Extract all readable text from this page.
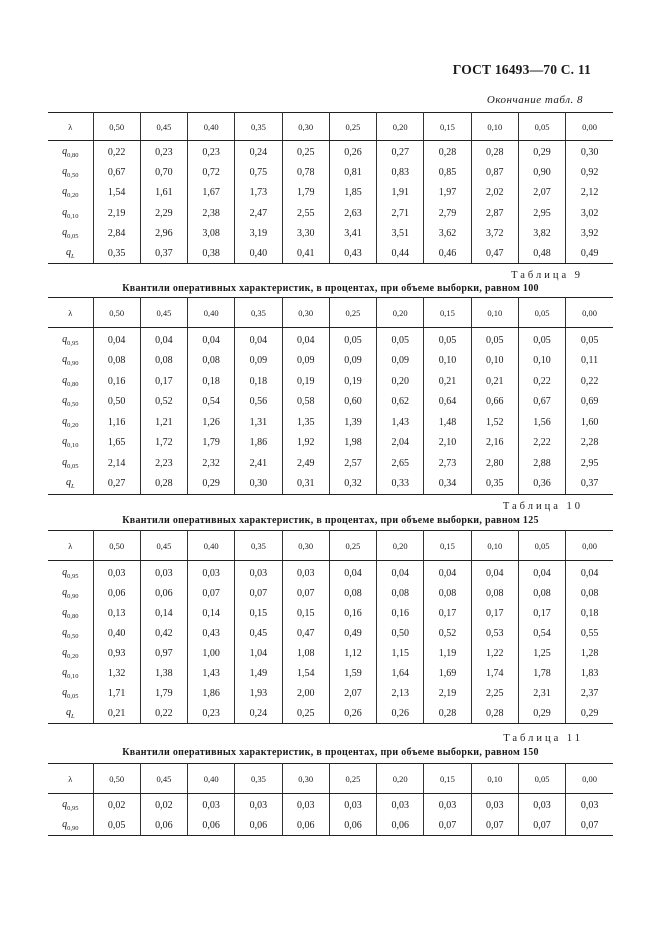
ГОСТ 16493—70 С. 11
Окончание табл. 8
λ	0,50	0,45	0,40	0,35	0,30	0,25	0,20	0,15	0,10	0,05	0,00
$q_{0,80}$	0,22	0,23	0,23	0,24	0,25	0,26	0,27	0,28	0,28	0,29	0,30
$q_{0,50}$	0,67	0,70	0,72	0,75	0,78	0,81	0,83	0,85	0,87	0,90	0,92
$q_{0,20}$	1,54	1,61	1,67	1,73	1,79	1,85	1,91	1,97	2,02	2,07	2,12
$q_{0,10}$	2,19	2,29	2,38	2,47	2,55	2,63	2,71	2,79	2,87	2,95	3,02
$q_{0,05}$	2,84	2,96	3,08	3,19	3,30	3,41	3,51	3,62	3,72	3,82	3,92
$q_L$	0,35	0,37	0,38	0,40	0,41	0,43	0,44	0,46	0,47	0,48	0,49
Таблица 9
Квантили оперативных характеристик, в процентах, при объеме выборки, равном 100
λ	0,50	0,45	0,40	0,35	0,30	0,25	0,20	0,15	0,10	0,05	0,00
$q_{0,95}$	0,04	0,04	0,04	0,04	0,04	0,05	0,05	0,05	0,05	0,05	0,05
$q_{0,90}$	0,08	0,08	0,08	0,09	0,09	0,09	0,09	0,10	0,10	0,10	0,11
$q_{0,80}$	0,16	0,17	0,18	0,18	0,19	0,19	0,20	0,21	0,21	0,22	0,22
$q_{0,50}$	0,50	0,52	0,54	0,56	0,58	0,60	0,62	0,64	0,66	0,67	0,69
$q_{0,20}$	1,16	1,21	1,26	1,31	1,35	1,39	1,43	1,48	1,52	1,56	1,60
$q_{0,10}$	1,65	1,72	1,79	1,86	1,92	1,98	2,04	2,10	2,16	2,22	2,28
$q_{0,05}$	2,14	2,23	2,32	2,41	2,49	2,57	2,65	2,73	2,80	2,88	2,95
$q_L$	0,27	0,28	0,29	0,30	0,31	0,32	0,33	0,34	0,35	0,36	0,37
Таблица 10
Квантили оперативных характеристик, в процентах, при объеме выборки, равном 125
λ	0,50	0,45	0,40	0,35	0,30	0,25	0,20	0,15	0,10	0,05	0,00
$q_{0,95}$	0,03	0,03	0,03	0,03	0,03	0,04	0,04	0,04	0,04	0,04	0,04
$q_{0,90}$	0,06	0,06	0,07	0,07	0,07	0,08	0,08	0,08	0,08	0,08	0,08
$q_{0,80}$	0,13	0,14	0,14	0,15	0,15	0,16	0,16	0,17	0,17	0,17	0,18
$q_{0,50}$	0,40	0,42	0,43	0,45	0,47	0,49	0,50	0,52	0,53	0,54	0,55
$q_{0,20}$	0,93	0,97	1,00	1,04	1,08	1,12	1,15	1,19	1,22	1,25	1,28
$q_{0,10}$	1,32	1,38	1,43	1,49	1,54	1,59	1,64	1,69	1,74	1,78	1,83
$q_{0,05}$	1,71	1,79	1,86	1,93	2,00	2,07	2,13	2,19	2,25	2,31	2,37
$q_L$	0,21	0,22	0,23	0,24	0,25	0,26	0,26	0,28	0,28	0,29	0,29
Таблица 11
Квантили оперативных характеристик, в процентах, при объеме выборки, равном 150
λ	0,50	0,45	0,40	0,35	0,30	0,25	0,20	0,15	0,10	0,05	0,00
$q_{0,95}$	0,02	0,02	0,03	0,03	0,03	0,03	0,03	0,03	0,03	0,03	0,03
$q_{0,90}$	0,05	0,06	0,06	0,06	0,06	0,06	0,06	0,07	0,07	0,07	0,07
